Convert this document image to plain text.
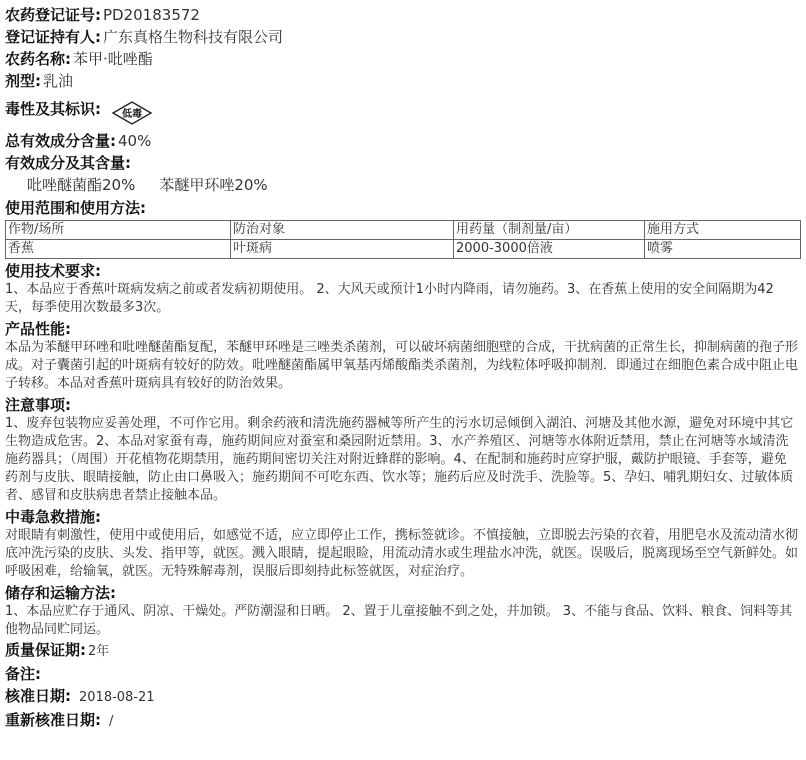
农药登记证号: PD20183572
登记证持有人: 广东真格生物科技有限公司
农药名称: 苯甲·吡唑酯
剂型: 乳油
毒性及其标识: 低毒
总有效成分含量: 40%
有效成分及其含量:
吡唑醚菌酯20% 苯醚甲环唑20%
使用范围和使用方法:
作物/场所	防治对象	用药量（制剂量/亩）	施用方式
香蕉	叶斑病	2000-3000倍液	喷雾
使用技术要求:

1、本品应于香蕉叶斑病发病之前或者发病初期使用。 2、大风天或预计1小时内降雨，请勿施药。3、在香蕉上使用的安全间隔期为42天，每季使用次数最多3次。

产品性能:

本品为苯醚甲环唑和吡唑醚菌酯复配，苯醚甲环唑是三唑类杀菌剂，可以破坏病菌细胞壁的合成，干扰病菌的正常生长，抑制病菌的孢子形成。对子囊菌引起的叶斑病有较好的防效。吡唑醚菌酯属甲氧基丙烯酸酯类杀菌剂，为线粒体呼吸抑制剂．即通过在细胞色素合成中阻止电子转移。本品对香蕉叶斑病具有较好的防治效果。

注意事项:

1、废弃包装物应妥善处理，不可作它用。剩余药液和清洗施药器械等所产生的污水切忌倾倒入湖泊、河塘及其他水源，避免对环境中其它生物造成危害。2、本品对家蚕有毒，施药期间应对蚕室和桑园附近禁用。3、水产养殖区、河塘等水体附近禁用，禁止在河塘等水域清洗施药器具；（周围）开花植物花期禁用，施药期间密切关注对附近蜂群的影响。4、在配制和施药时应穿护服，戴防护眼镜、手套等，避免药剂与皮肤、眼睛接触，防止由口鼻吸入；施药期间不可吃东西、饮水等；施药后应及时洗手、洗脸等。5、孕妇、哺乳期妇女、过敏体质者、感冒和皮肤病患者禁止接触本品。

中毒急救措施:

对眼睛有刺激性，使用中或使用后，如感觉不适，应立即停止工作，携标签就诊。不慎接触，立即脱去污染的衣着，用肥皂水及流动清水彻底冲洗污染的皮肤、头发、指甲等，就医。溅入眼睛，提起眼睑，用流动清水或生理盐水冲洗，就医。误吸后，脱离现场至空气新鲜处。如呼吸困难，给输氧，就医。无特殊解毒剂，误服后即刻持此标签就医，对症治疗。

储存和运输方法:

1、本品应贮存于通风、阴凉、干燥处。严防潮湿和日晒。 2、置于儿童接触不到之处，并加锁。 3、不能与食品、饮料、粮食、饲料等其他物品同贮同运。

质量保证期: 2年
备注:
核准日期: 2018-08-21
重新核准日期: /
